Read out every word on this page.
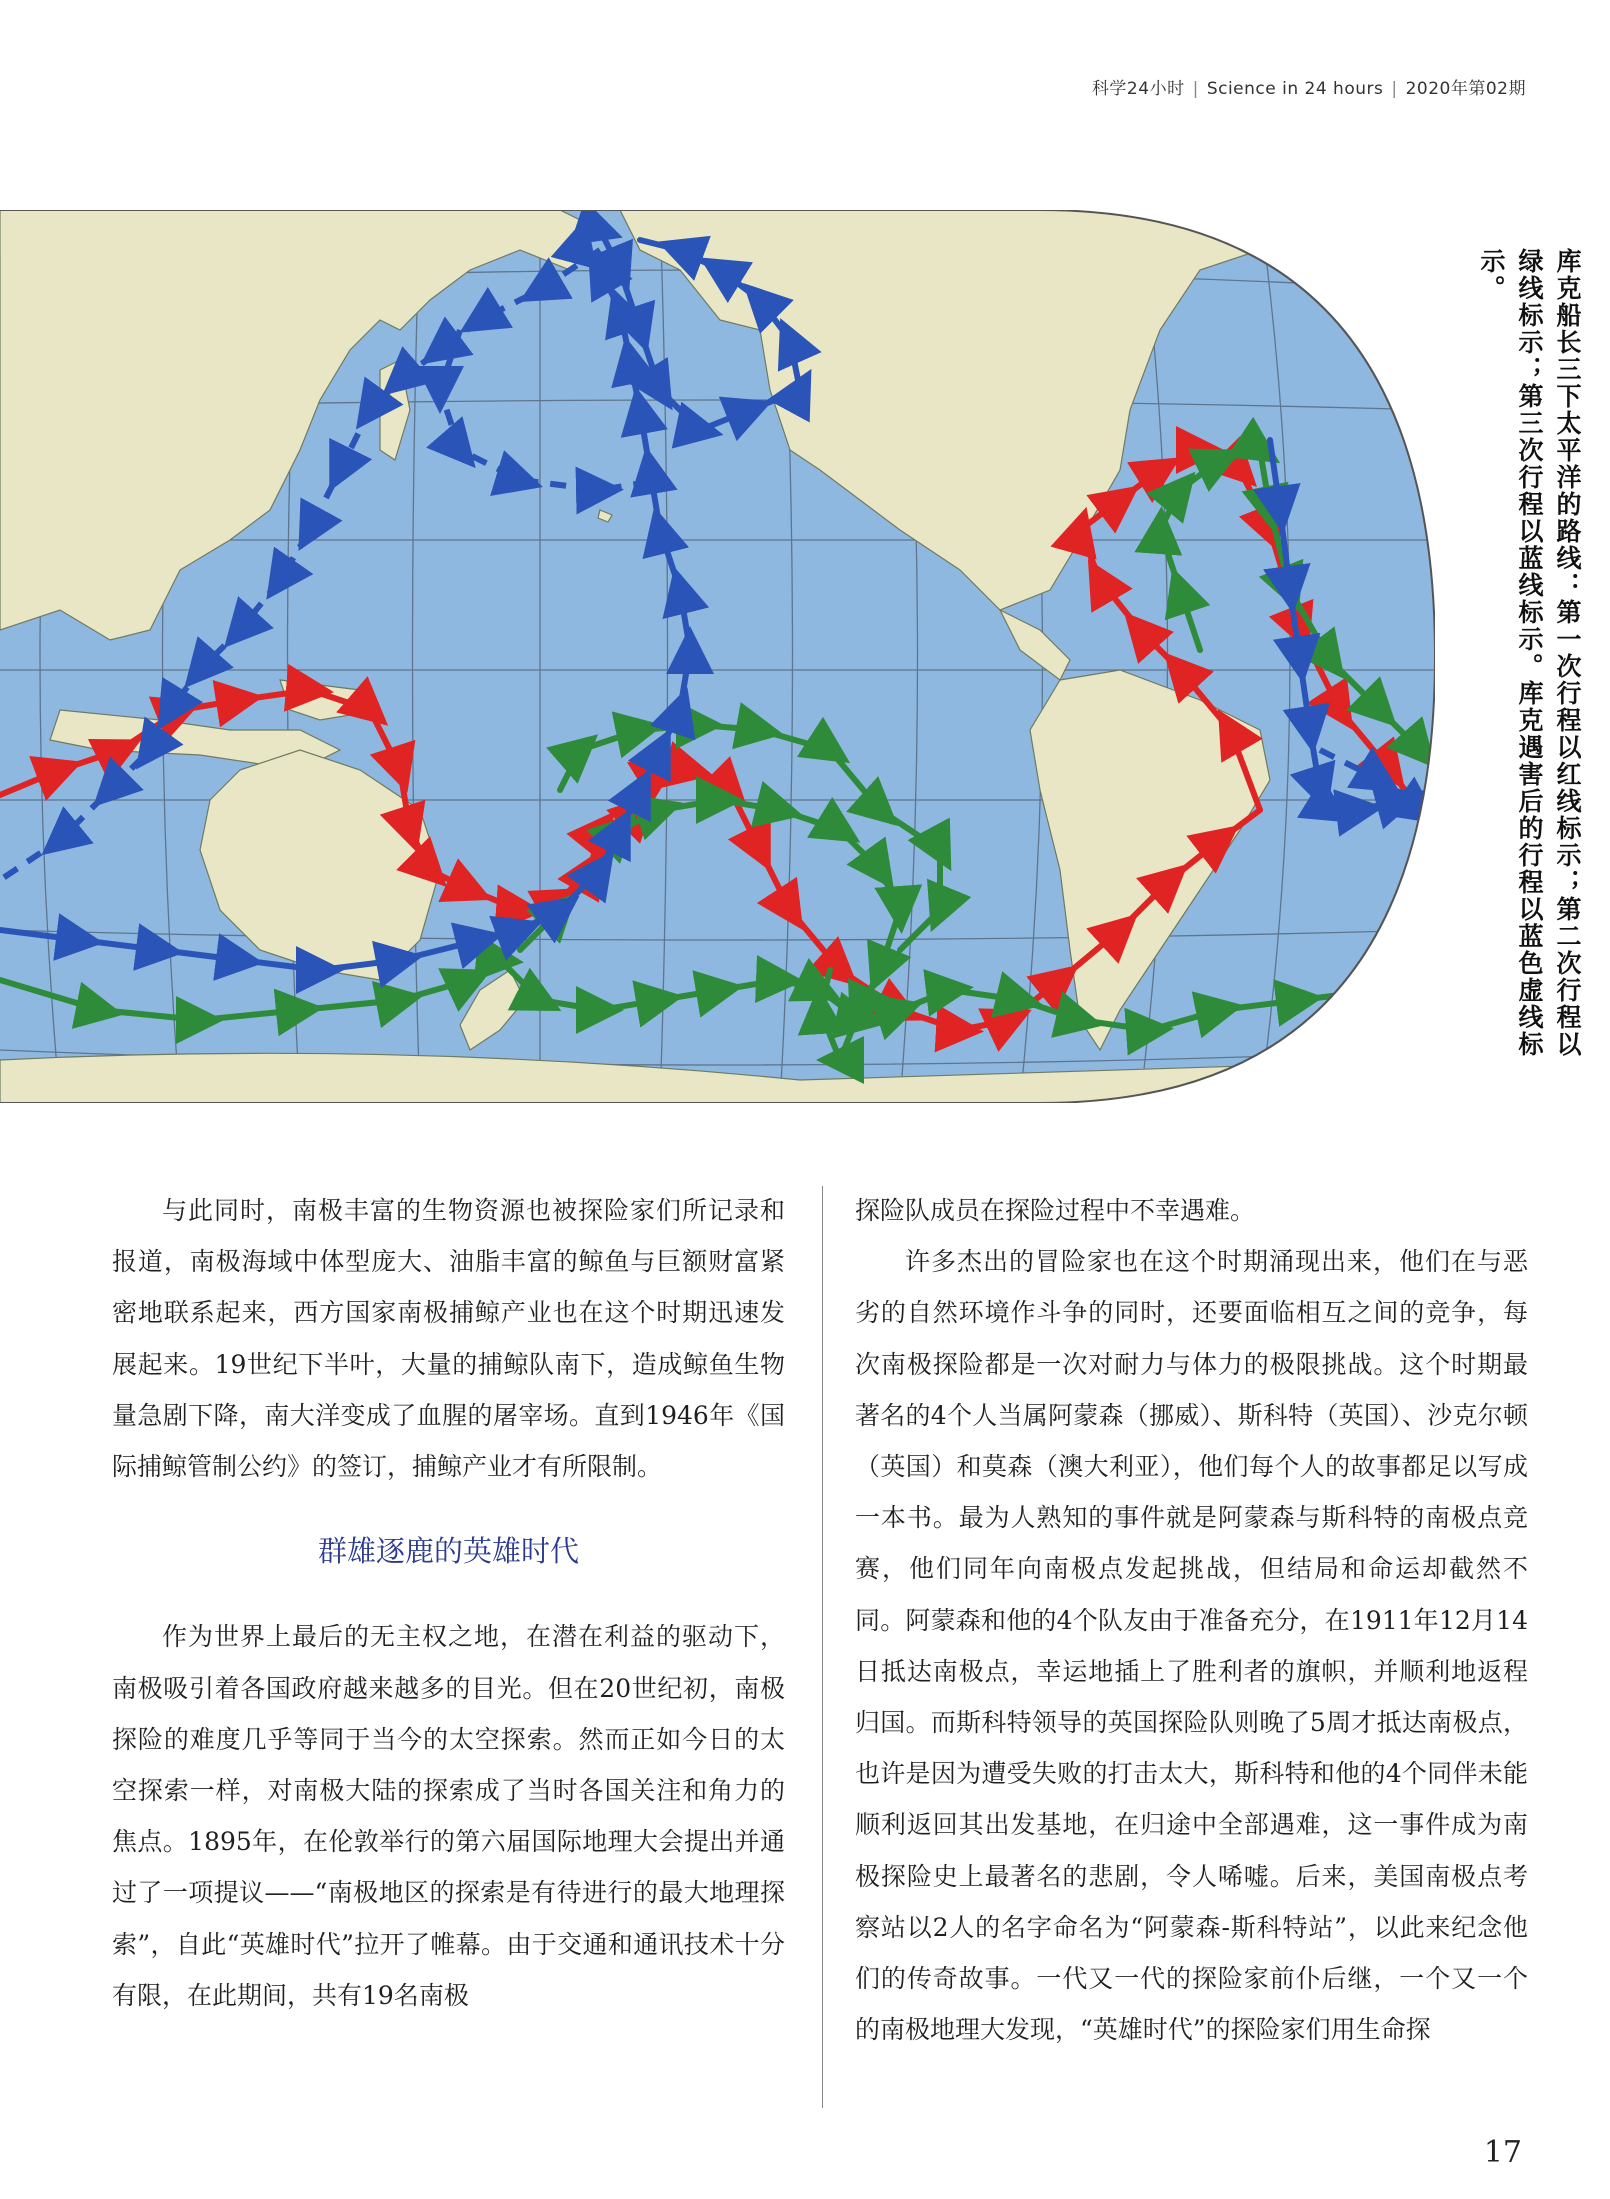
科学24小时 | Science in 24 hours | 2020年第02期
库克船长三下太平洋的路线：第一次行程以红线标示；第二次行程以绿线标示；第三次行程以蓝线标示。库克遇害后的行程以蓝色虚线标示。

与此同时，南极丰富的生物资源也被探险家们所记录和报道，南极海域中体型庞大、油脂丰富的鲸鱼与巨额财富紧密地联系起来，西方国家南极捕鲸产业也在这个时期迅速发展起来。19世纪下半叶，大量的捕鲸队南下，造成鲸鱼生物量急剧下降，南大洋变成了血腥的屠宰场。直到1946年《国际捕鲸管制公约》的签订，捕鲸产业才有所限制。

群雄逐鹿的英雄时代

作为世界上最后的无主权之地，在潜在利益的驱动下，南极吸引着各国政府越来越多的目光。但在20世纪初，南极探险的难度几乎等同于当今的太空探索。然而正如今日的太空探索一样，对南极大陆的探索成了当时各国关注和角力的焦点。1895年，在伦敦举行的第六届国际地理大会提出并通过了一项提议——“南极地区的探索是有待进行的最大地理探索”，自此“英雄时代”拉开了帷幕。由于交通和通讯技术十分有限，在此期间，共有19名南极

探险队成员在探险过程中不幸遇难。

许多杰出的冒险家也在这个时期涌现出来，他们在与恶劣的自然环境作斗争的同时，还要面临相互之间的竞争，每次南极探险都是一次对耐力与体力的极限挑战。这个时期最著名的4个人当属阿蒙森（挪威）、斯科特（英国）、沙克尔顿（英国）和莫森（澳大利亚），他们每个人的故事都足以写成一本书。最为人熟知的事件就是阿蒙森与斯科特的南极点竞赛，他们同年向南极点发起挑战，但结局和命运却截然不同。阿蒙森和他的4个队友由于准备充分，在1911年12月14日抵达南极点，幸运地插上了胜利者的旗帜，并顺利地返程归国。而斯科特领导的英国探险队则晚了5周才抵达南极点，也许是因为遭受失败的打击太大，斯科特和他的4个同伴未能顺利返回其出发基地，在归途中全部遇难，这一事件成为南极探险史上最著名的悲剧，令人唏嘘。后来，美国南极点考察站以2人的名字命名为“阿蒙森-斯科特站”，以此来纪念他们的传奇故事。一代又一代的探险家前仆后继，一个又一个的南极地理大发现，“英雄时代”的探险家们用生命探

17
